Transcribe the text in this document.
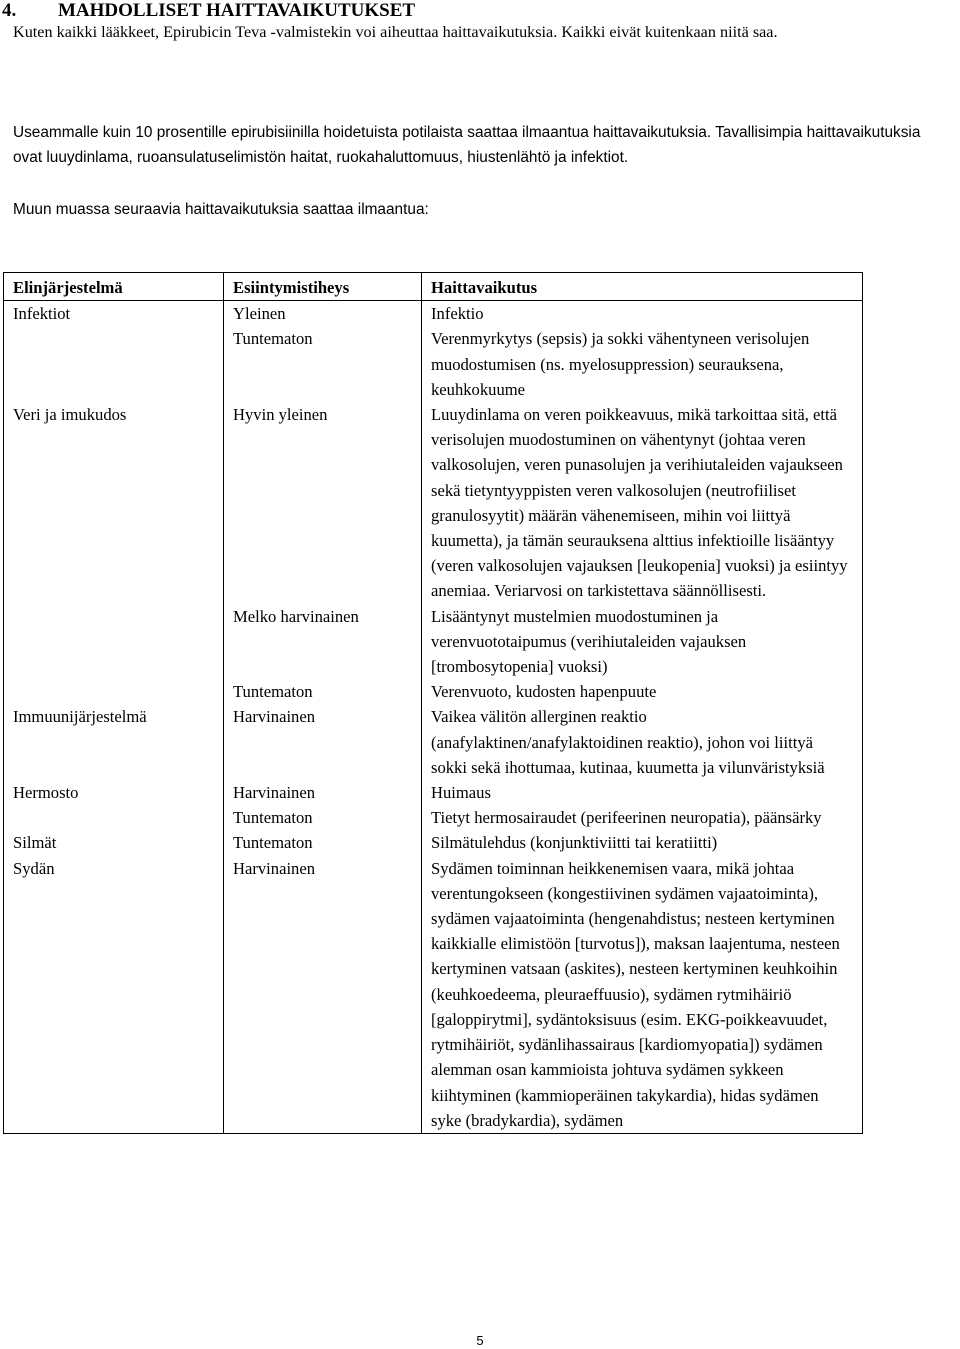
4. MAHDOLLISET HAITTAVAIKUTUKSET

Kuten kaikki lääkkeet, Epirubicin Teva -valmistekin voi aiheuttaa haittavaikutuksia. Kaikki eivät kuitenkaan niitä saa.

Useammalle kuin 10 prosentille epirubisiinilla hoidetuista potilaista saattaa ilmaantua haittavaikutuksia. Tavallisimpia haittavaikutuksia ovat luuydinlama, ruoansulatuselimistön haitat, ruokahaluttomuus, hiustenlähtö ja infektiot.

Muun muassa seuraavia haittavaikutuksia saattaa ilmaantua:

Elinjärjestelmä	Esiintymistiheys	Haittavaikutus
Infektiot	Yleinen	Infektio
	Tuntematon	Verenmyrkytys (sepsis) ja sokki vähentyneen verisolujen muodostumisen (ns. myelosuppression) seurauksena, keuhkokuume
Veri ja imukudos	Hyvin yleinen	Luuydinlama on veren poikkeavuus, mikä tarkoittaa sitä, että verisolujen muodostuminen on vähentynyt (johtaa veren valkosolujen, veren punasolujen ja verihiutaleiden vajaukseen sekä tietyntyyppisten veren valkosolujen (neutrofiiliset granulosyytit) määrän vähenemiseen, mihin voi liittyä kuumetta), ja tämän seurauksena alttius infektioille lisääntyy (veren valkosolujen vajauksen [leukopenia] vuoksi) ja esiintyy anemiaa. Veriarvosi on tarkistettava säännöllisesti.
	Melko harvinainen	Lisääntynyt mustelmien muodostuminen ja verenvuototaipumus (verihiutaleiden vajauksen [trombosytopenia] vuoksi)
	Tuntematon	Verenvuoto, kudosten hapenpuute
Immuunijärjestelmä	Harvinainen	Vaikea välitön allerginen reaktio (anafylaktinen/anafylaktoidinen reaktio), johon voi liittyä sokki sekä ihottumaa, kutinaa, kuumetta ja vilunväristyksiä
Hermosto	Harvinainen	Huimaus
	Tuntematon	Tietyt hermosairaudet (perifeerinen neuropatia), päänsärky
Silmät	Tuntematon	Silmätulehdus (konjunktiviitti tai keratiitti)
Sydän	Harvinainen	Sydämen toiminnan heikkenemisen vaara, mikä johtaa verentungokseen (kongestiivinen sydämen vajaatoiminta), sydämen vajaatoiminta (hengenahdistus; nesteen kertyminen kaikkialle elimistöön [turvotus]), maksan laajentuma, nesteen kertyminen vatsaan (askites), nesteen kertyminen keuhkoihin (keuhkoedeema, pleuraeffuusio), sydämen rytmihäiriö [galoppirytmi], sydäntoksisuus (esim. EKG-poikkeavuudet, rytmihäiriöt, sydänlihassairaus [kardiomyopatia]) sydämen alemman osan kammioista johtuva sydämen sykkeen kiihtyminen (kammioperäinen takykardia), hidas sydämen syke (bradykardia), sydämen
5
